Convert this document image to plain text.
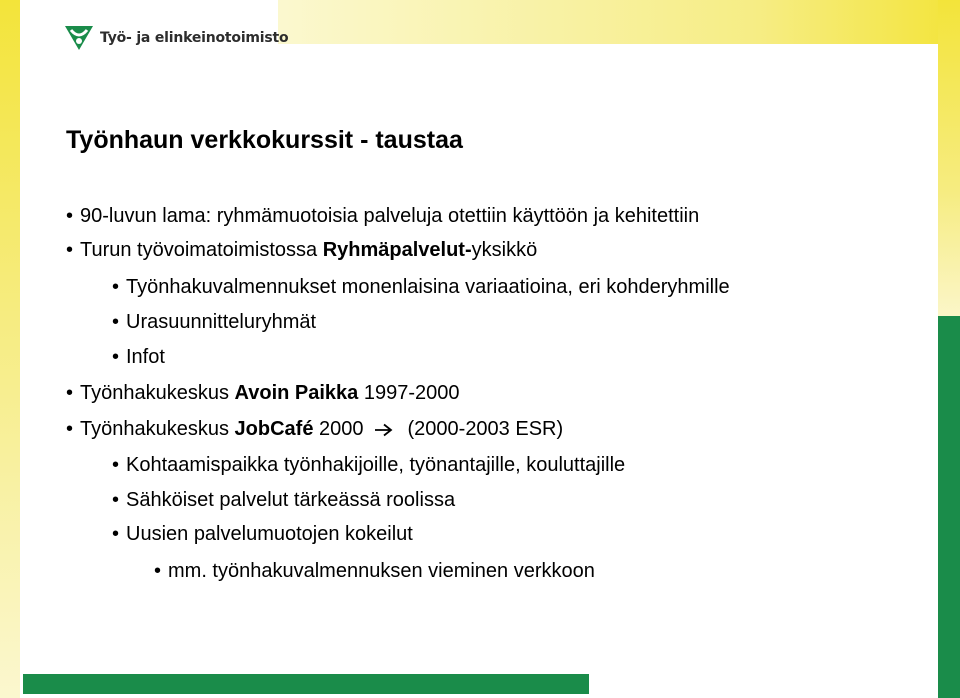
Työ- ja elinkeinotoimisto
Työnhaun verkkokurssit - taustaa
• 90-luvun lama: ryhmämuotoisia palveluja otettiin käyttöön ja kehitettiin
• Turun työvoimatoimistossa Ryhmäpalvelut-yksikkö
• Työnhakuvalmennukset monenlaisina variaatioina, eri kohderyhmille
• Urasuunnitteluryhmät
• Infot
• Työnhakukeskus Avoin Paikka 1997-2000
• Työnhakukeskus JobCafé 2000 (2000-2003 ESR)
• Kohtaamispaikka työnhakijoille, työnantajille, kouluttajille
• Sähköiset palvelut tärkeässä roolissa
• Uusien palvelumuotojen kokeilut
• mm. työnhakuvalmennuksen vieminen verkkoon
